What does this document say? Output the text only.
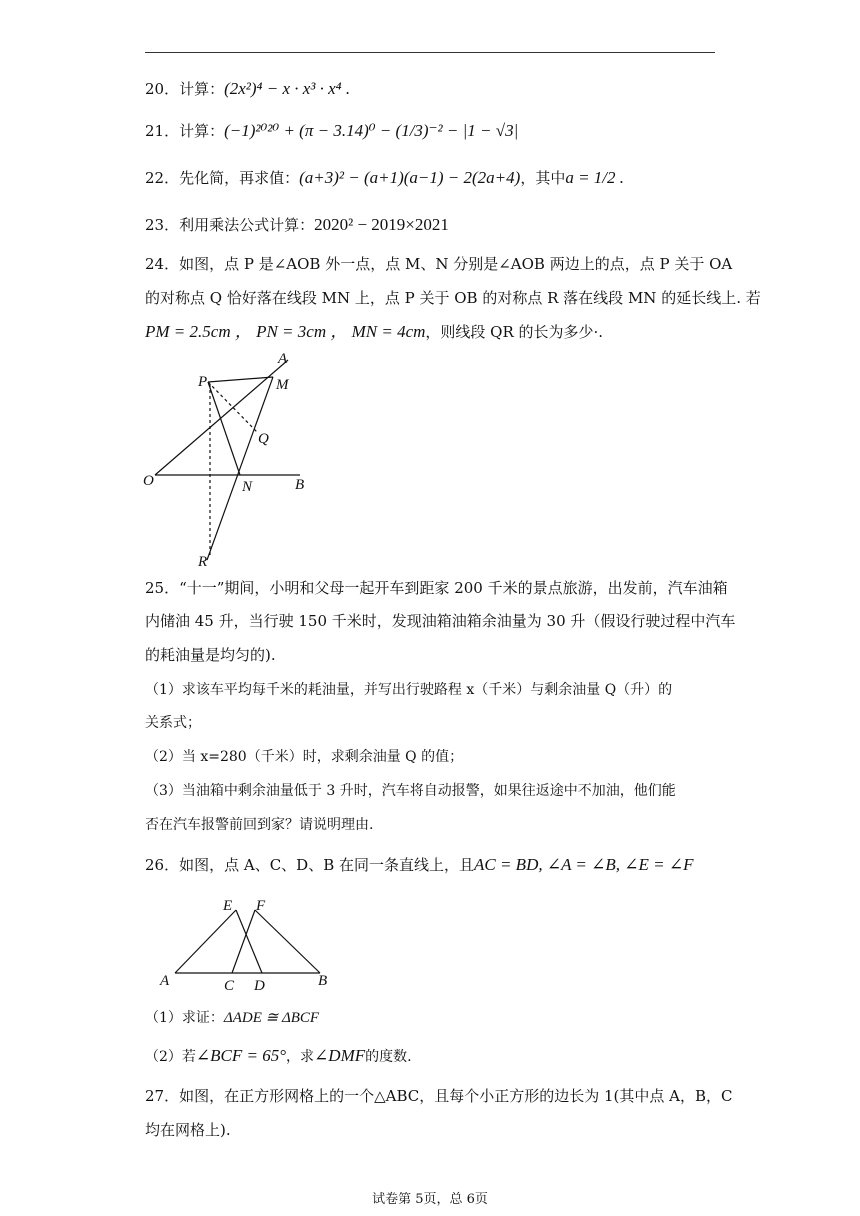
20．计算：(2x²)⁴ − x · x³ · x⁴ .
21．计算：(−1)²⁰²⁰ + (π − 3.14)⁰ − (1/3)⁻² − |1 − √3|
22．先化简，再求值：(a+3)² − (a+1)(a−1) − 2(2a+4)，其中a = 1/2 .
23．利用乘法公式计算：2020² − 2019×2021
24．如图，点 P 是∠AOB 外一点，点 M、N 分别是∠AOB 两边上的点，点 P 关于 OA
的对称点 Q 恰好落在线段 MN 上，点 P 关于 OB 的对称点 R 落在线段 MN 的延长线上. 若
PM = 2.5cm ， PN = 3cm ， MN = 4cm，则线段 QR 的长为多少·.
P
A
M
Q
O	N	B
R
A	C D	B
E F
25．“十一”期间，小明和父母一起开车到距家 200 千米的景点旅游，出发前，汽车油箱
内储油 45 升，当行驶 150 千米时，发现油箱油箱余油量为 30 升（假设行驶过程中汽车
的耗油量是均匀的).
（1）求该车平均每千米的耗油量，并写出行驶路程 x（千米）与剩余油量 Q（升）的
关系式；
（2）当 x=280（千米）时，求剩余油量 Q 的值；
（3）当油箱中剩余油量低于 3 升时，汽车将自动报警，如果往返途中不加油，他们能
否在汽车报警前回到家？请说明理由.
26．如图，点 A、C、D、B 在同一条直线上，且AC = BD, ∠A = ∠B, ∠E = ∠F
（1）求证：ΔADE ≅ ΔBCF
（2）若∠BCF = 65°，求∠DMF的度数.
27．如图，在正方形网格上的一个△ABC，且每个小正方形的边长为 1(其中点 A，B，C
均在网格上).
试卷第 5页，总 6页
